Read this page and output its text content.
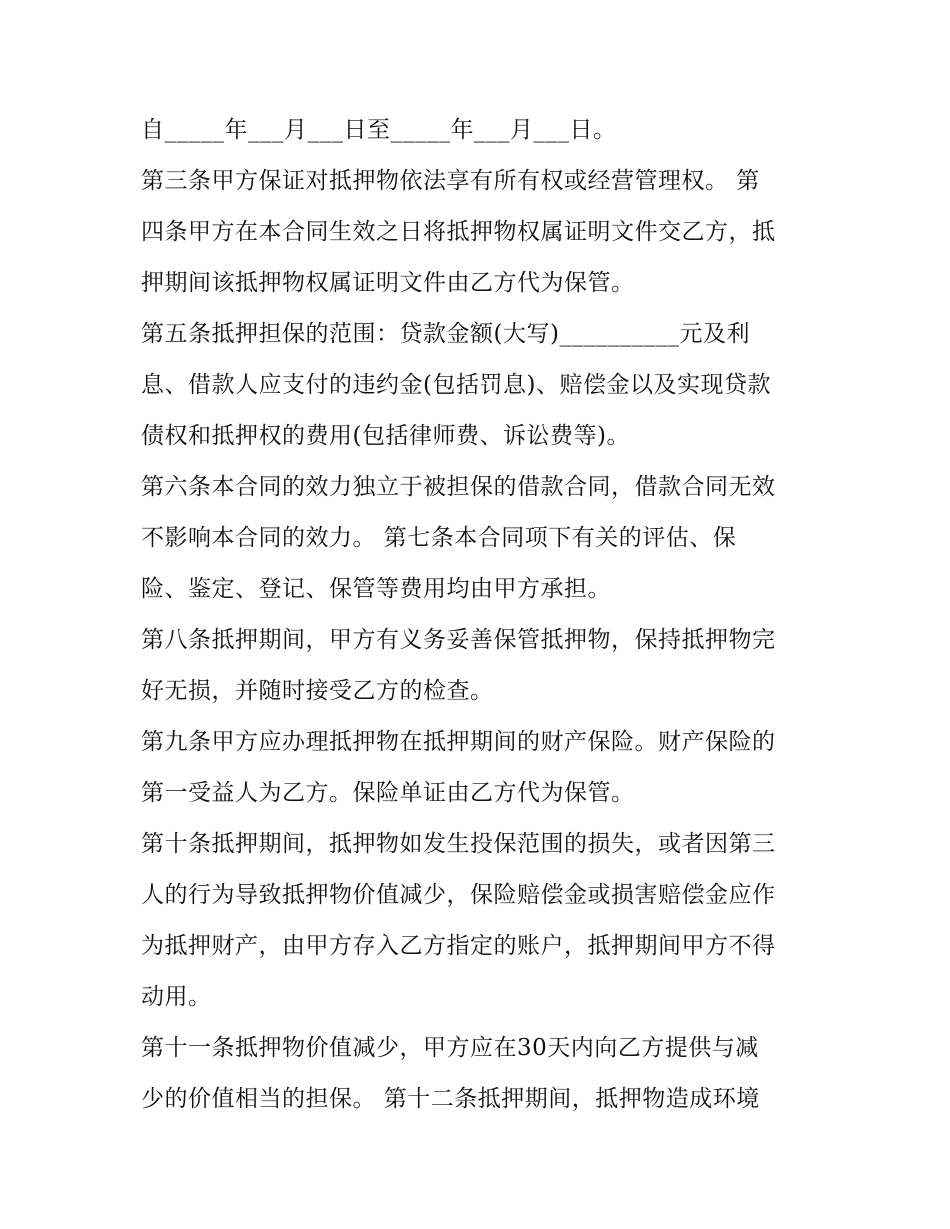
自_____年___月___日至_____年___月___日。
第三条甲方保证对抵押物依法享有所有权或经营管理权。 第
四条甲方在本合同生效之日将抵押物权属证明文件交乙方，抵
押期间该抵押物权属证明文件由乙方代为保管。
第五条抵押担保的范围：贷款金额(大写)__________元及利
息、借款人应支付的违约金(包括罚息)、赔偿金以及实现贷款
债权和抵押权的费用(包括律师费、诉讼费等)。
第六条本合同的效力独立于被担保的借款合同，借款合同无效
不影响本合同的效力。 第七条本合同项下有关的评估、保
险、鉴定、登记、保管等费用均由甲方承担。
第八条抵押期间，甲方有义务妥善保管抵押物，保持抵押物完
好无损，并随时接受乙方的检查。
第九条甲方应办理抵押物在抵押期间的财产保险。财产保险的
第一受益人为乙方。保险单证由乙方代为保管。
第十条抵押期间，抵押物如发生投保范围的损失，或者因第三
人的行为导致抵押物价值减少，保险赔偿金或损害赔偿金应作
为抵押财产，由甲方存入乙方指定的账户，抵押期间甲方不得
动用。
第十一条抵押物价值减少，甲方应在30天内向乙方提供与减
少的价值相当的担保。 第十二条抵押期间，抵押物造成环境
